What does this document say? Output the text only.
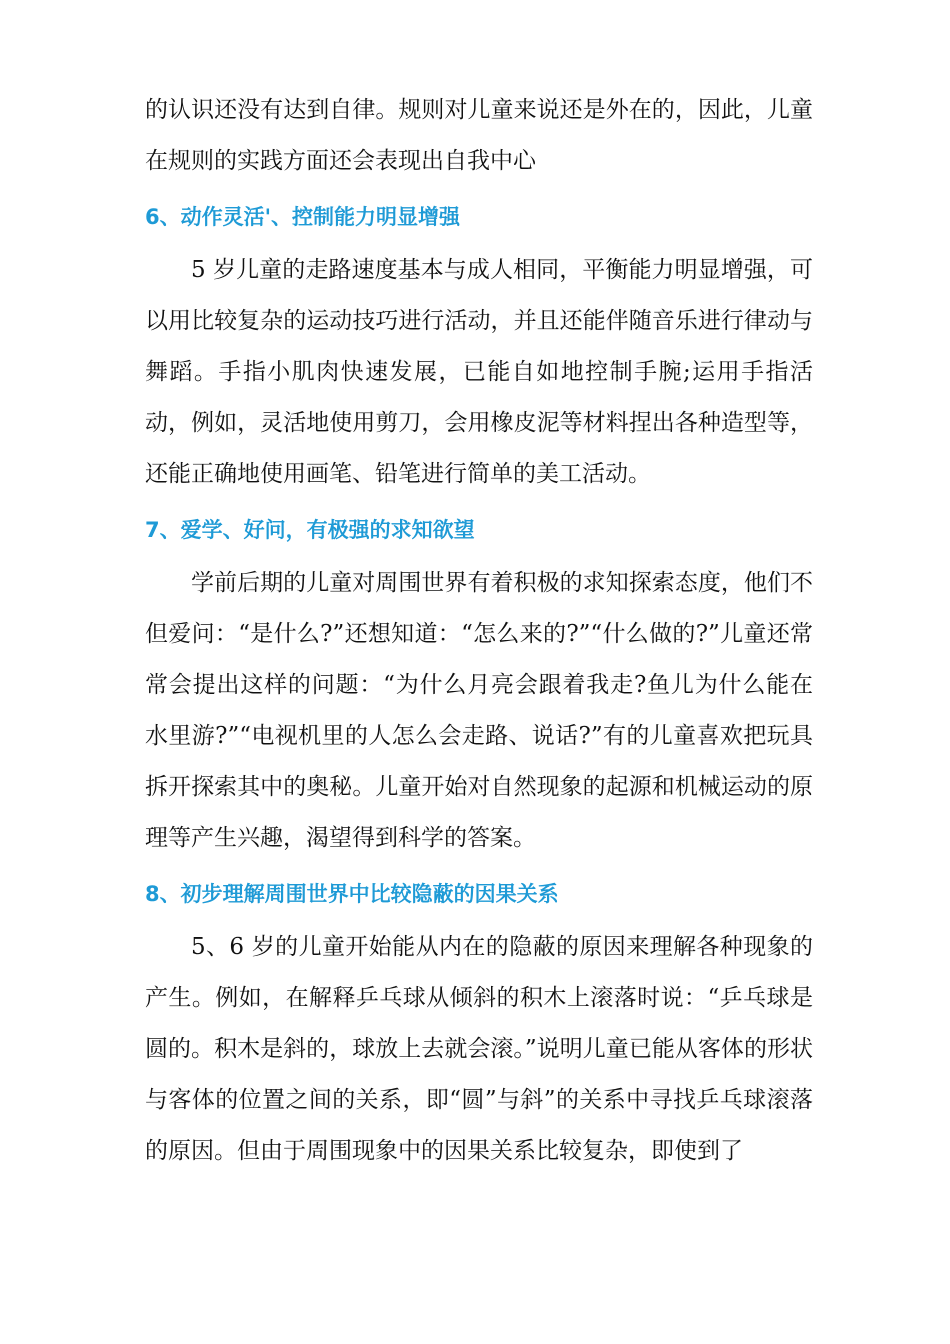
的认识还没有达到自律。规则对儿童来说还是外在的，因此，儿童在规则的实践方面还会表现出自我中心

6、动作灵活'、控制能力明显增强

5 岁儿童的走路速度基本与成人相同，平衡能力明显增强，可以用比较复杂的运动技巧进行活动，并且还能伴随音乐进行律动与舞蹈。手指小肌肉快速发展，已能自如地控制手腕;运用手指活动，例如，灵活地使用剪刀，会用橡皮泥等材料捏出各种造型等，还能正确地使用画笔、铅笔进行简单的美工活动。

7、爱学、好问，有极强的求知欲望

学前后期的儿童对周围世界有着积极的求知探索态度，他们不但爱问：“是什么?”还想知道：“怎么来的?”“什么做的?”儿童还常常会提出这样的问题：“为什么月亮会跟着我走?鱼儿为什么能在水里游?”“电视机里的人怎么会走路、说话?”有的儿童喜欢把玩具拆开探索其中的奥秘。儿童开始对自然现象的起源和机械运动的原理等产生兴趣，渴望得到科学的答案。

8、初步理解周围世界中比较隐蔽的因果关系

5、6 岁的儿童开始能从内在的隐蔽的原因来理解各种现象的产生。例如，在解释乒乓球从倾斜的积木上滚落时说：“乒乓球是圆的。积木是斜的，球放上去就会滚。”说明儿童已能从客体的形状与客体的位置之间的关系，即“圆”与斜”的关系中寻找乒乓球滚落的原因。但由于周围现象中的因果关系比较复杂，即使到了
